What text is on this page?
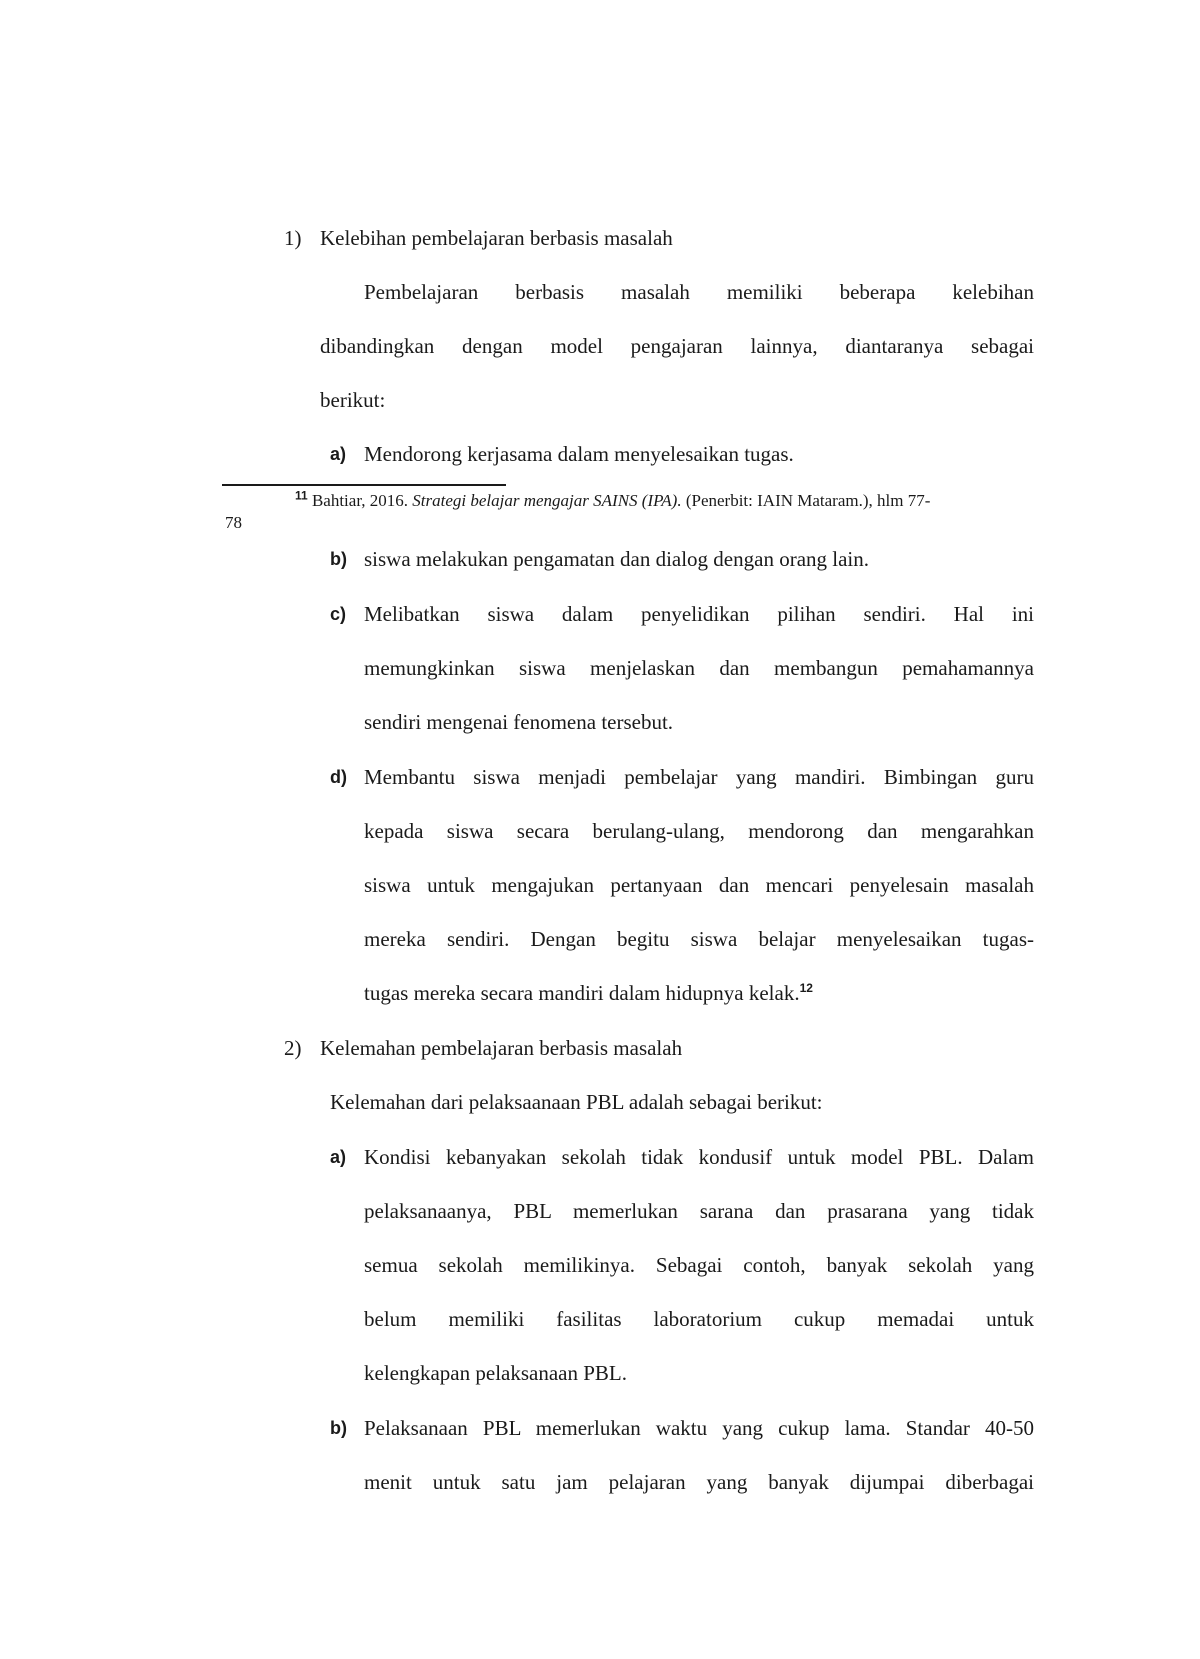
1) Kelebihan pembelajaran berbasis masalah
Pembelajaran berbasis masalah memiliki beberapa kelebihan
dibandingkan dengan model pengajaran lainnya, diantaranya sebagai
berikut:
a) Mendorong kerjasama dalam menyelesaikan tugas.
$^{11}$ Bahtiar, 2016. Strategi belajar mengajar SAINS (IPA). (Penerbit: IAIN Mataram.), hlm 77-
78
b) siswa melakukan pengamatan dan dialog dengan orang lain.
c) Melibatkan siswa dalam penyelidikan pilihan sendiri. Hal ini
memungkinkan siswa menjelaskan dan membangun pemahamannya
sendiri mengenai fenomena tersebut.
d) Membantu siswa menjadi pembelajar yang mandiri. Bimbingan guru
kepada siswa secara berulang-ulang, mendorong dan mengarahkan
siswa untuk mengajukan pertanyaan dan mencari penyelesain masalah
mereka sendiri. Dengan begitu siswa belajar menyelesaikan tugas-
tugas mereka secara mandiri dalam hidupnya kelak.$^{12}$
2) Kelemahan pembelajaran berbasis masalah
Kelemahan dari pelaksaanaan PBL adalah sebagai berikut:
a) Kondisi kebanyakan sekolah tidak kondusif untuk model PBL. Dalam
pelaksanaanya, PBL memerlukan sarana dan prasarana yang tidak
semua sekolah memilikinya. Sebagai contoh, banyak sekolah yang
belum memiliki fasilitas laboratorium cukup memadai untuk
kelengkapan pelaksanaan PBL.
b) Pelaksanaan PBL memerlukan waktu yang cukup lama. Standar 40-50
menit untuk satu jam pelajaran yang banyak dijumpai diberbagai
